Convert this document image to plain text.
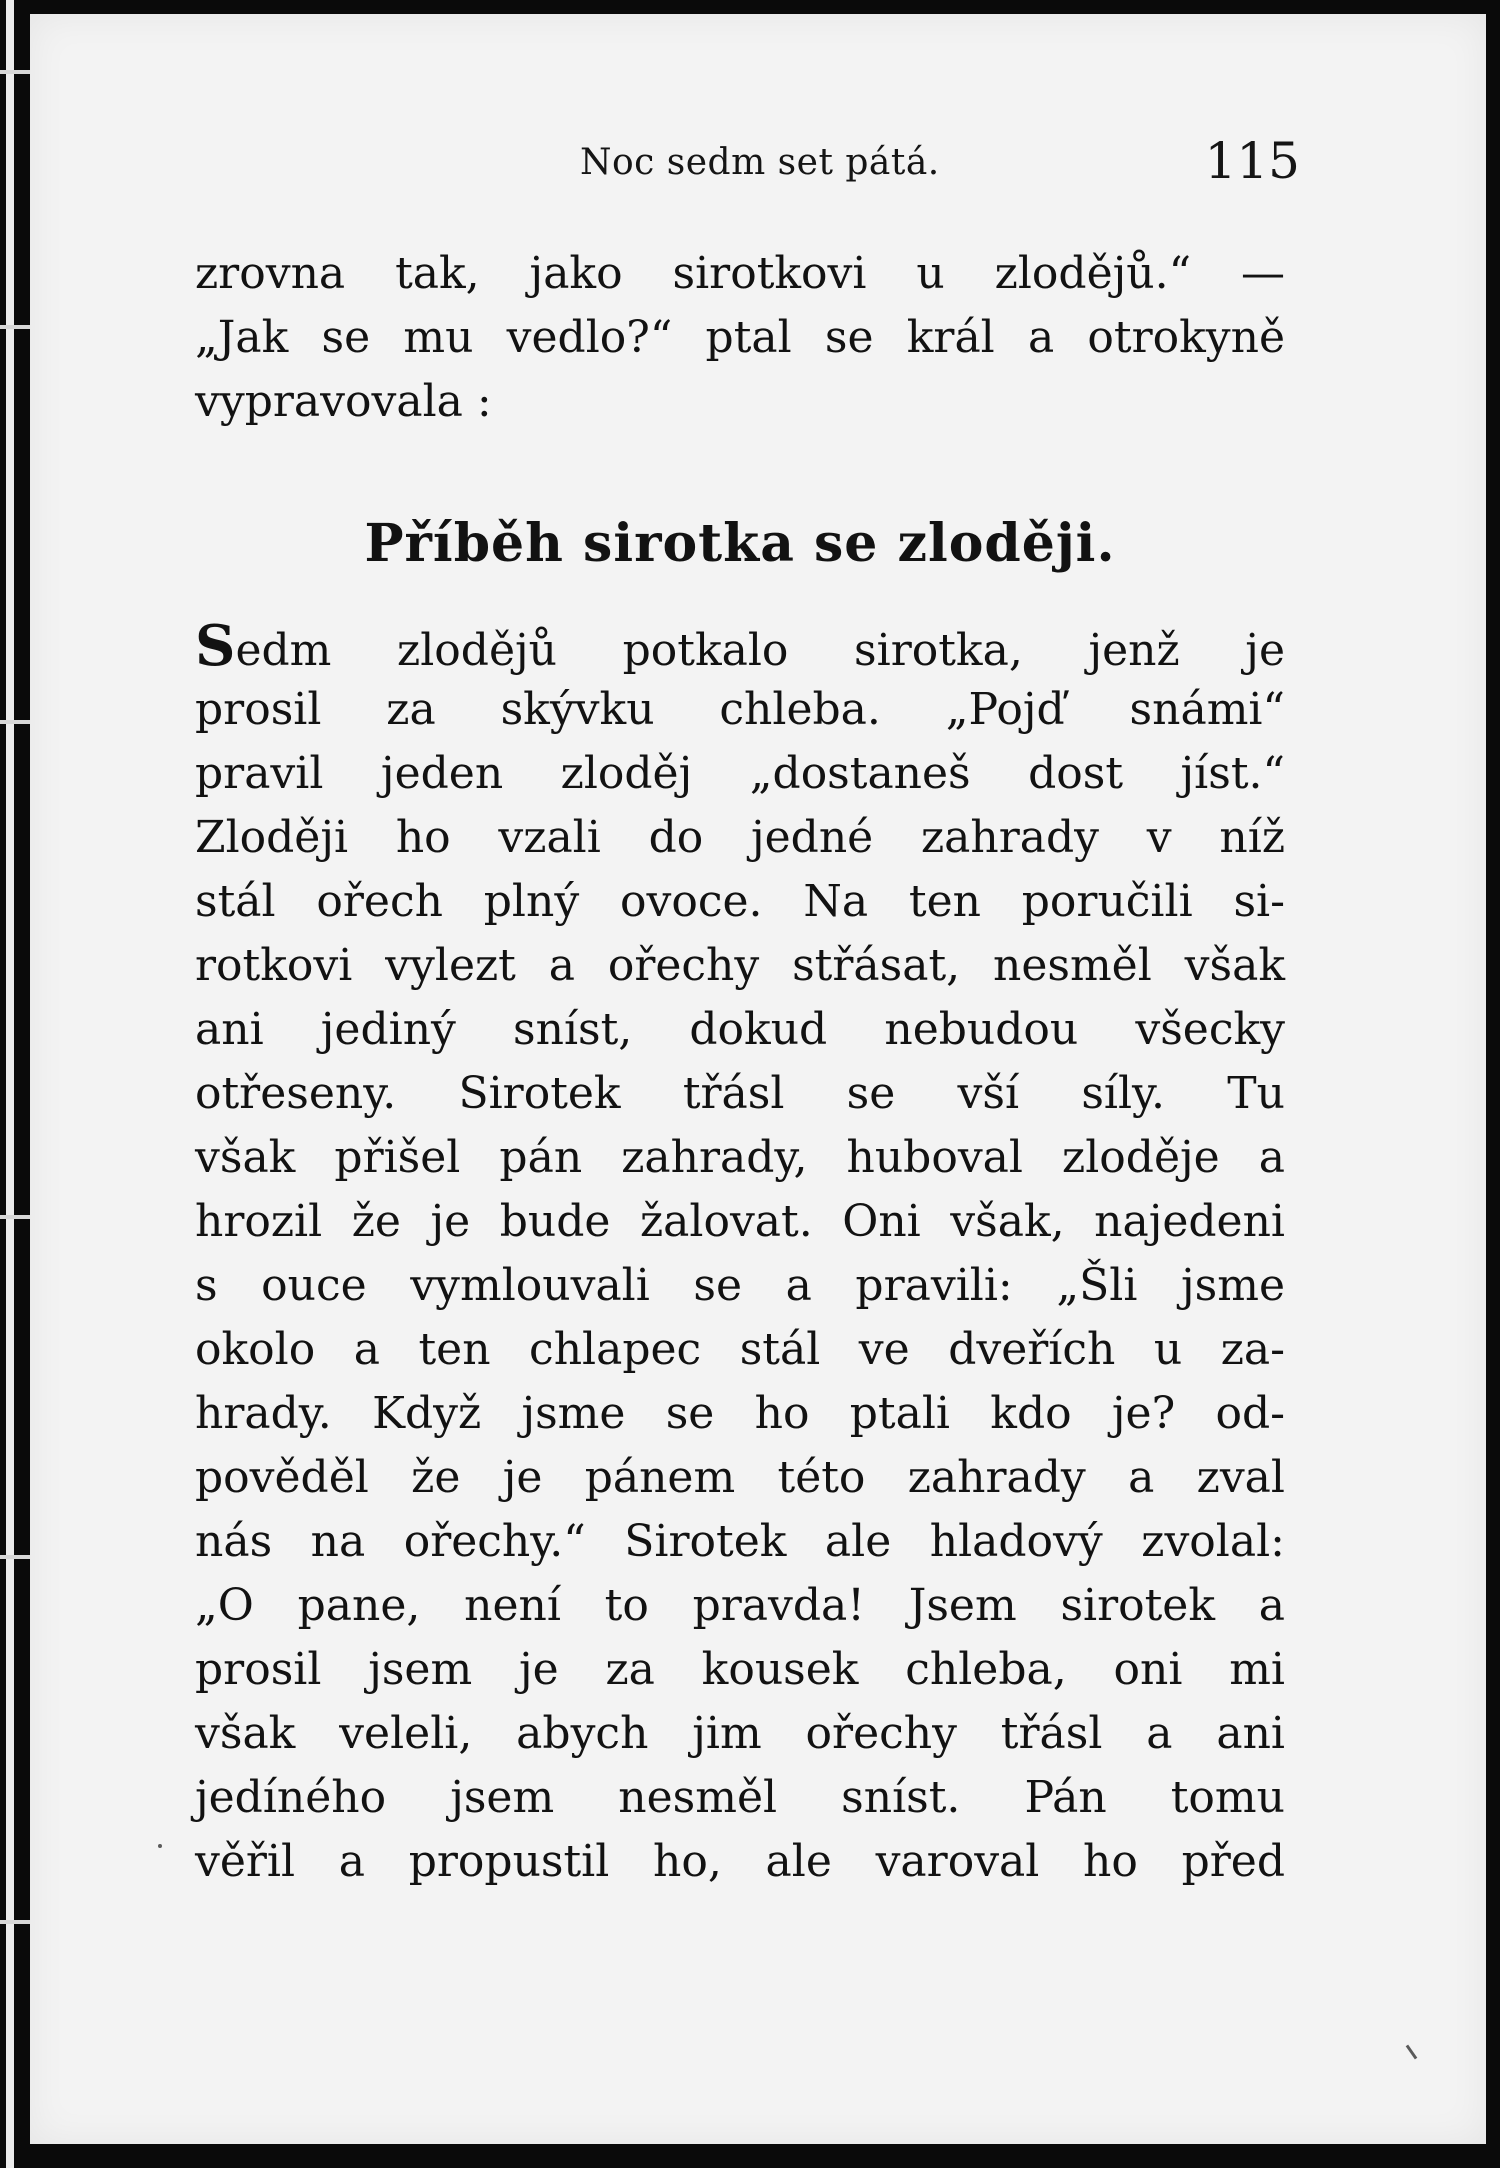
Noc sedm set pátá.	115
zrovna tak, jako sirotkovi u zlodějů.“ —
„Jak se mu vedlo?“ ptal se král a otrokyně
vypravovala :
Příběh sirotka se zloději.
Sedm zlodějů potkalo sirotka, jenž je
prosil za skývku chleba. „Pojď snámi“
pravil jeden zloděj „dostaneš dost jíst.“
Zloději ho vzali do jedné zahrady v níž
stál ořech plný ovoce. Na ten poručili si-
rotkovi vylezt a ořechy střásat, nesměl však
ani jediný sníst, dokud nebudou všecky
otřeseny. Sirotek třásl se vší síly. Tu
však přišel pán zahrady, huboval zloděje a
hrozil že je bude žalovat. Oni však, najedeni
s ouce vymlouvali se a pravili: „Šli jsme
okolo a ten chlapec stál ve dveřích u za-
hrady. Když jsme se ho ptali kdo je? od-
pověděl že je pánem této zahrady a zval
nás na ořechy.“ Sirotek ale hladový zvolal:
„O pane, není to pravda! Jsem sirotek a
prosil jsem je za kousek chleba, oni mi
však veleli, abych jim ořechy třásl a ani
jedíného jsem nesměl sníst. Pán tomu
věřil a propustil ho, ale varoval ho před
